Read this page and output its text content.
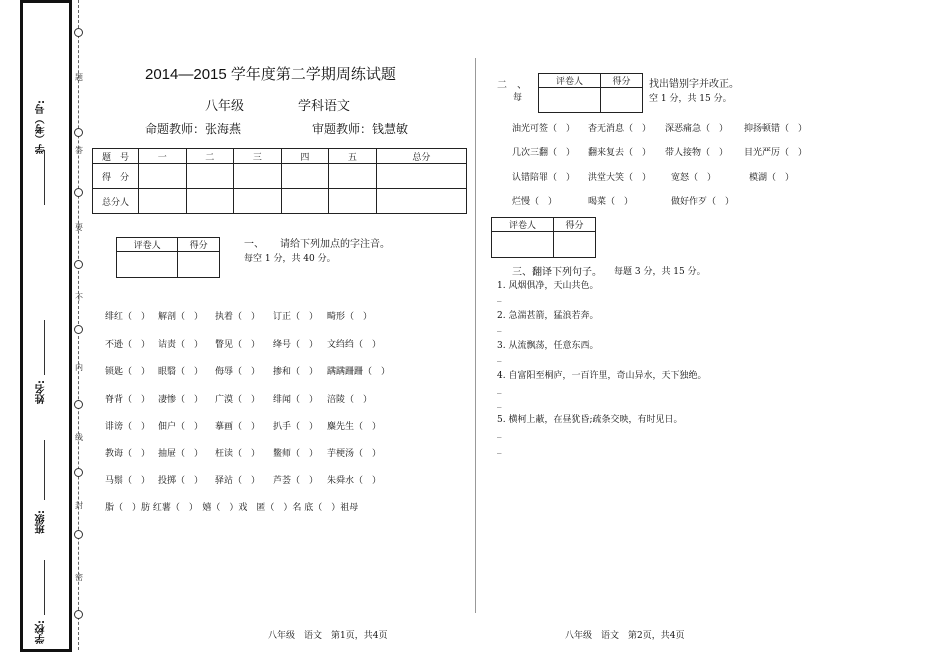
学（考）号:
姓名:
班级:
学校:
题
答
要
不
内
线
封
密
2014—2015 学年度第二学期周练试题
八年级	学科语文
命题教师：张海燕	审题教师：钱慧敏
题　号	一	二	三	四	五	总分
得　分						
总分人						
评卷人	得分
		一、 请给下列加点的字注音。
每空 1 分，共 40 分。
绯红（　） 解剖（　） 执着（　） 订正（　） 畸形（　）
不逊（　） 诘责（　） 瞥见（　） 绛号（　） 文绉绉（　）
锁匙（　） 眼翳（　） 侮辱（　） 掺和（　） 蹒蹒跚跚（　）
脊背（　） 凄惨（　） 广漠（　） 绯闻（　） 涪陵（　）
诽谤（　） 佃户（　） 摹画（　） 扒手（　） 麋先生（　）
教诲（　） 抽屉（　） 枉读（　） 鳖师（　） 芋梗汤（　）
马鬃（　） 投掷（　） 驿站（　） 芦荟（　） 朱舜水（　）
脂（　）肪 红薯（　）　嬉（　）戏　匿（　）名 底（　）祖母
二　、	评卷人	得分

每
找出错别字并改正。
空 1 分，共 15 分。
油光可签（　） 杳无消息（　） 深恶痛急（　） 抑扬顿错（　）
几次三翻（　） 翻来复去（　） 带人接物（　） 目光严厉（　）
认错陪罪（　） 洪堂大笑（　） 宽怒（　）	模湖（　）
烂慢（　）	喝菜（　）	做好作歹（　）
评卷人	得分

三、翻译下列句子。 每题 3 分，共 15 分。
1. 风烟俱净，天山共色。
_
2. 急湍甚箭，猛浪若奔。
_
3. 从流飘荡，任意东西。
_
4. 自富阳至桐庐，一百许里，奇山异水，天下独绝。
_
_
5. 横柯上蔽，在昼犹昏;疏条交映，有时见日。
_
_
八年级　语文　第1页，共4页	八年级　语文　第2页，共4页
